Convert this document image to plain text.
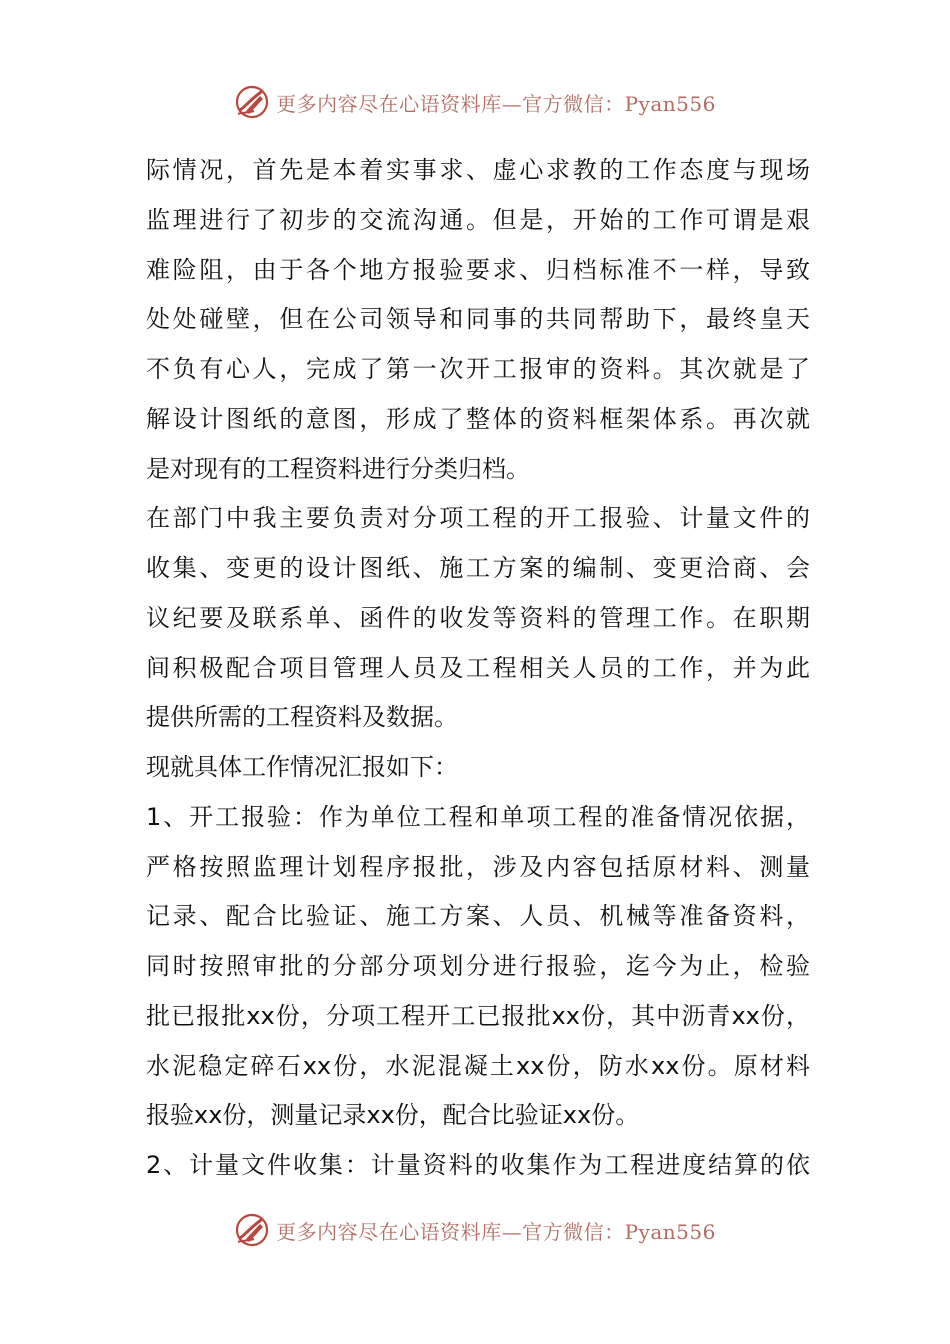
更多内容尽在心语资料库—官方微信：Pyan556
际情况，首先是本着实事求、虚心求教的工作态度与现场
监理进行了初步的交流沟通。但是，开始的工作可谓是艰
难险阻，由于各个地方报验要求、归档标准不一样，导致
处处碰壁，但在公司领导和同事的共同帮助下，最终皇天
不负有心人，完成了第一次开工报审的资料。其次就是了
解设计图纸的意图，形成了整体的资料框架体系。再次就
是对现有的工程资料进行分类归档。
在部门中我主要负责对分项工程的开工报验、计量文件的
收集、变更的设计图纸、施工方案的编制、变更洽商、会
议纪要及联系单、函件的收发等资料的管理工作。在职期
间积极配合项目管理人员及工程相关人员的工作，并为此
提供所需的工程资料及数据。
现就具体工作情况汇报如下：
1、开工报验：作为单位工程和单项工程的准备情况依据，
严格按照监理计划程序报批，涉及内容包括原材料、测量
记录、配合比验证、施工方案、人员、机械等准备资料，
同时按照审批的分部分项划分进行报验，迄今为止，检验
批已报批xx份，分项工程开工已报批xx份，其中沥青xx份，
水泥稳定碎石xx份，水泥混凝土xx份，防水xx份。原材料
报验xx份，测量记录xx份，配合比验证xx份。
2、计量文件收集：计量资料的收集作为工程进度结算的依
更多内容尽在心语资料库—官方微信：Pyan556
